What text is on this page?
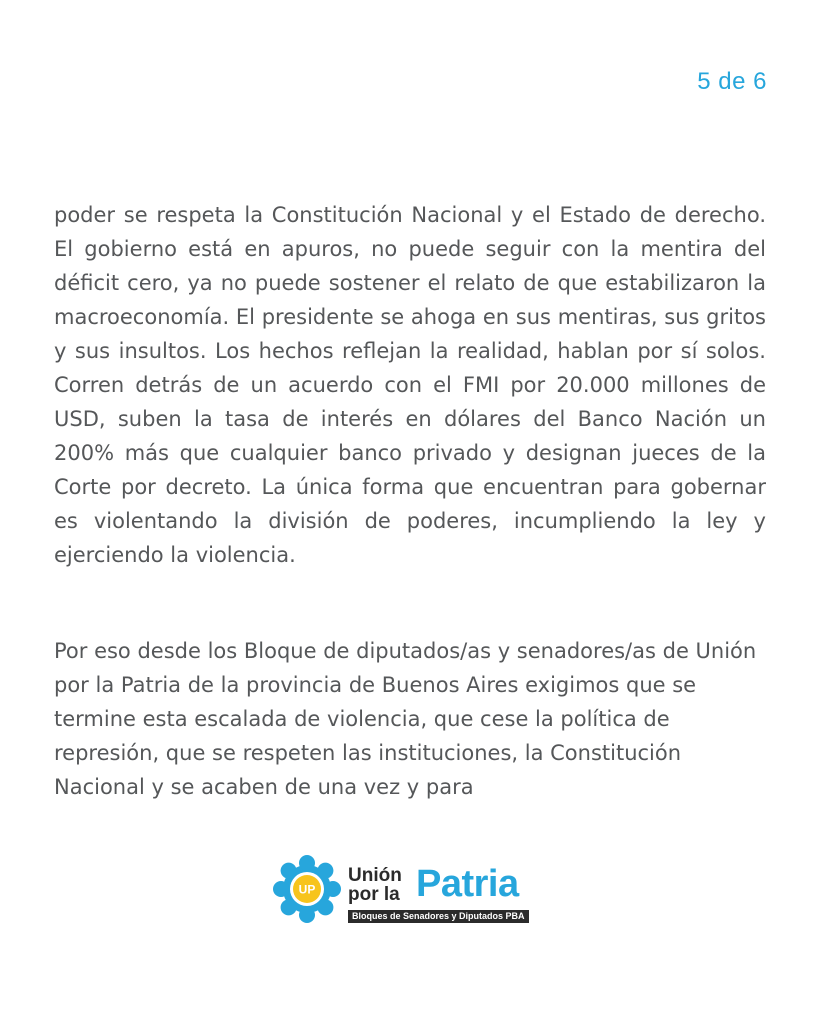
5 de 6

poder se respeta la Constitución Nacional y el Estado de derecho. El gobierno está en apuros, no puede seguir con la mentira del déficit cero, ya no puede sostener el relato de que estabilizaron la macroeconomía. El presidente se ahoga en sus mentiras, sus gritos y sus insultos. Los hechos reflejan la realidad, hablan por sí solos. Corren detrás de un acuerdo con el FMI por 20.000 millones de USD, suben la tasa de interés en dólares del Banco Nación un 200% más que cualquier banco privado y designan jueces de la Corte por decreto. La única forma que encuentran para gobernar es violentando la división de poderes, incumpliendo la ley y ejerciendo la violencia.

Por eso desde los Bloque de diputados/as y senadores/as de Unión por la Patria de la provincia de Buenos Aires exigimos que se termine esta escalada de violencia, que cese la política de represión, que se respeten las instituciones, la Constitución Nacional y se acaben de una vez y para

UP
Unión
por la Patria
Bloques de Senadores y Diputados PBA
